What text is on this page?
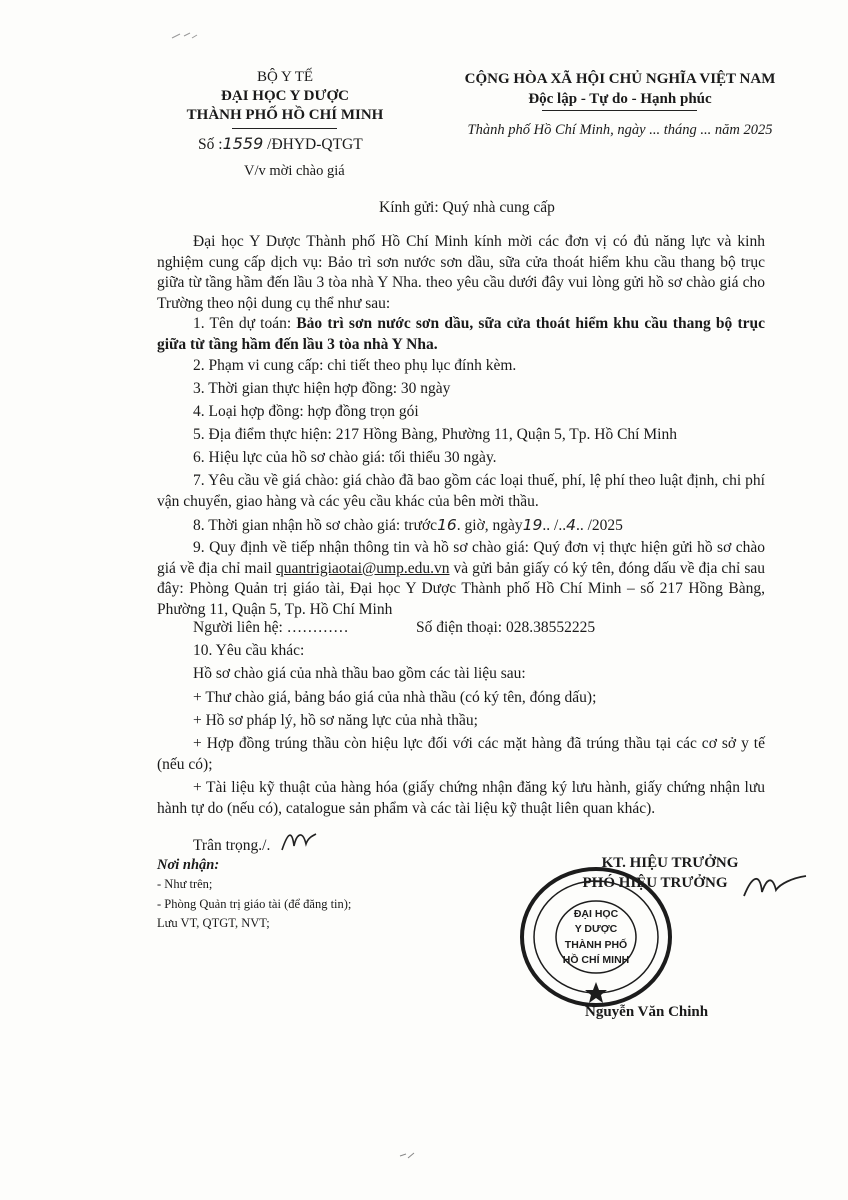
BỘ Y TẾ
ĐẠI HỌC Y DƯỢC
THÀNH PHỐ HỒ CHÍ MINH
Số :1559 /ĐHYD-QTGT
V/v mời chào giá
CỘNG HÒA XÃ HỘI CHỦ NGHĨA VIỆT NAM
Độc lập - Tự do - Hạnh phúc
Thành phố Hồ Chí Minh, ngày ... tháng ... năm 2025
Kính gửi: Quý nhà cung cấp
Đại học Y Dược Thành phố Hồ Chí Minh kính mời các đơn vị có đủ năng lực và kinh nghiệm cung cấp dịch vụ: Bảo trì sơn nước sơn dầu, sữa cửa thoát hiểm khu cầu thang bộ trục giữa từ tầng hầm đến lầu 3 tòa nhà Y Nha. theo yêu cầu dưới đây vui lòng gửi hồ sơ chào giá cho Trường theo nội dung cụ thể như sau:
1. Tên dự toán: Bảo trì sơn nước sơn dầu, sữa cửa thoát hiểm khu cầu thang bộ trục giữa từ tầng hầm đến lầu 3 tòa nhà Y Nha.
2. Phạm vi cung cấp: chi tiết theo phụ lục đính kèm.
3. Thời gian thực hiện hợp đồng: 30 ngày
4. Loại hợp đồng: hợp đồng trọn gói
5. Địa điểm thực hiện: 217 Hồng Bàng, Phường 11, Quận 5, Tp. Hồ Chí Minh
6. Hiệu lực của hồ sơ chào giá: tối thiểu 30 ngày.
7. Yêu cầu về giá chào: giá chào đã bao gồm các loại thuế, phí, lệ phí theo luật định, chi phí vận chuyển, giao hàng và các yêu cầu khác của bên mời thầu.
8. Thời gian nhận hồ sơ chào giá: trước16. giờ, ngày19.. /..4.. /2025
9. Quy định về tiếp nhận thông tin và hồ sơ chào giá: Quý đơn vị thực hiện gửi hồ sơ chào giá về địa chỉ mail quantrigiaotai@ump.edu.vn và gửi bản giấy có ký tên, đóng dấu về địa chỉ sau đây: Phòng Quản trị giáo tài, Đại học Y Dược Thành phố Hồ Chí Minh – số 217 Hồng Bàng, Phường 11, Quận 5, Tp. Hồ Chí Minh
Người liên hệ: …………	Số điện thoại: 028.38552225
10. Yêu cầu khác:
Hồ sơ chào giá của nhà thầu bao gồm các tài liệu sau:
+ Thư chào giá, bảng báo giá của nhà thầu (có ký tên, đóng dấu);
+ Hồ sơ pháp lý, hồ sơ năng lực của nhà thầu;
+ Hợp đồng trúng thầu còn hiệu lực đối với các mặt hàng đã trúng thầu tại các cơ sở y tế (nếu có);
+ Tài liệu kỹ thuật của hàng hóa (giấy chứng nhận đăng ký lưu hành, giấy chứng nhận lưu hành tự do (nếu có), catalogue sản phẩm và các tài liệu kỹ thuật liên quan khác).
Trân trọng./.
Nơi nhận:
- Như trên;
- Phòng Quản trị giáo tài (để đăng tin);
Lưu VT, QTGT, NVT;
KT. HIỆU TRƯỞNG
PHÓ HIỆU TRƯỞNG
ĐẠI HỌC
Y DƯỢC
THÀNH PHỐ
HỒ CHÍ MINH
Nguyễn Văn Chinh
